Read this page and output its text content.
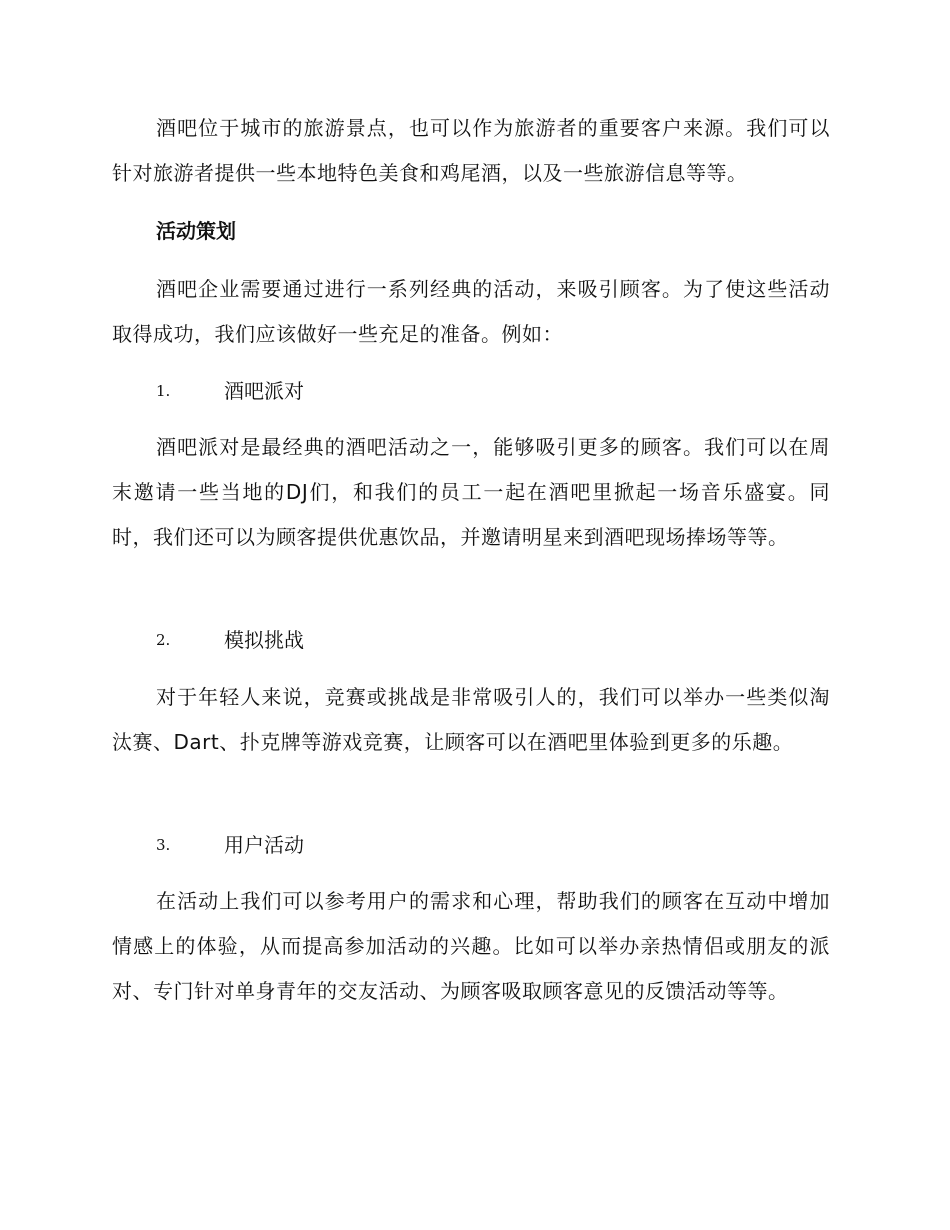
酒吧位于城市的旅游景点，也可以作为旅游者的重要客户来源。我们可以针对旅游者提供一些本地特色美食和鸡尾酒，以及一些旅游信息等等。

活动策划

酒吧企业需要通过进行一系列经典的活动，来吸引顾客。为了使这些活动取得成功，我们应该做好一些充足的准备。例如：

1.	酒吧派对

酒吧派对是最经典的酒吧活动之一，能够吸引更多的顾客。我们可以在周末邀请一些当地的DJ们，和我们的员工一起在酒吧里掀起一场音乐盛宴。同时，我们还可以为顾客提供优惠饮品，并邀请明星来到酒吧现场捧场等等。

2.	模拟挑战

对于年轻人来说，竞赛或挑战是非常吸引人的，我们可以举办一些类似淘汰赛、Dart、扑克牌等游戏竞赛，让顾客可以在酒吧里体验到更多的乐趣。

3.	用户活动

在活动上我们可以参考用户的需求和心理，帮助我们的顾客在互动中增加情感上的体验，从而提高参加活动的兴趣。比如可以举办亲热情侣或朋友的派对、专门针对单身青年的交友活动、为顾客吸取顾客意见的反馈活动等等。
